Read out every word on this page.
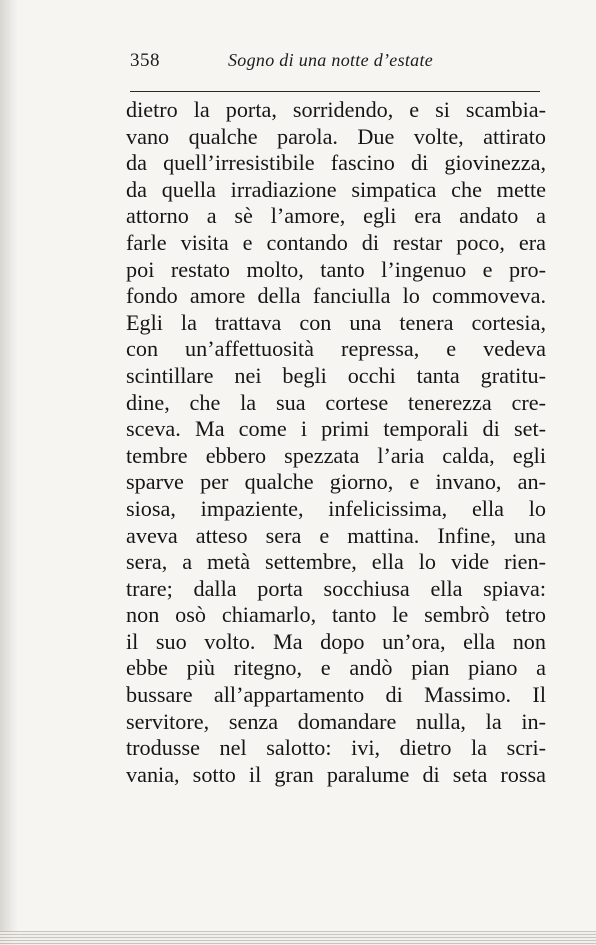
358	Sogno di una notte d’estate
dietro la porta, sorridendo, e si scambia-
vano qualche parola. Due volte, attirato
da quell’irresistibile fascino di giovinezza,
da quella irradiazione simpatica che mette
attorno a sè l’amore, egli era andato a
farle visita e contando di restar poco, era
poi restato molto, tanto l’ingenuo e pro-
fondo amore della fanciulla lo commoveva.
Egli la trattava con una tenera cortesia,
con un’affettuosità repressa, e vedeva
scintillare nei begli occhi tanta gratitu-
dine, che la sua cortese tenerezza cre-
sceva. Ma come i primi temporali di set-
tembre ebbero spezzata l’aria calda, egli
sparve per qualche giorno, e invano, an-
siosa, impaziente, infelicissima, ella lo
aveva atteso sera e mattina. Infine, una
sera, a metà settembre, ella lo vide rien-
trare; dalla porta socchiusa ella spiava:
non osò chiamarlo, tanto le sembrò tetro
il suo volto. Ma dopo un’ora, ella non
ebbe più ritegno, e andò pian piano a
bussare all’appartamento di Massimo. Il
servitore, senza domandare nulla, la in-
trodusse nel salotto: ivi, dietro la scri-
vania, sotto il gran paralume di seta rossa
